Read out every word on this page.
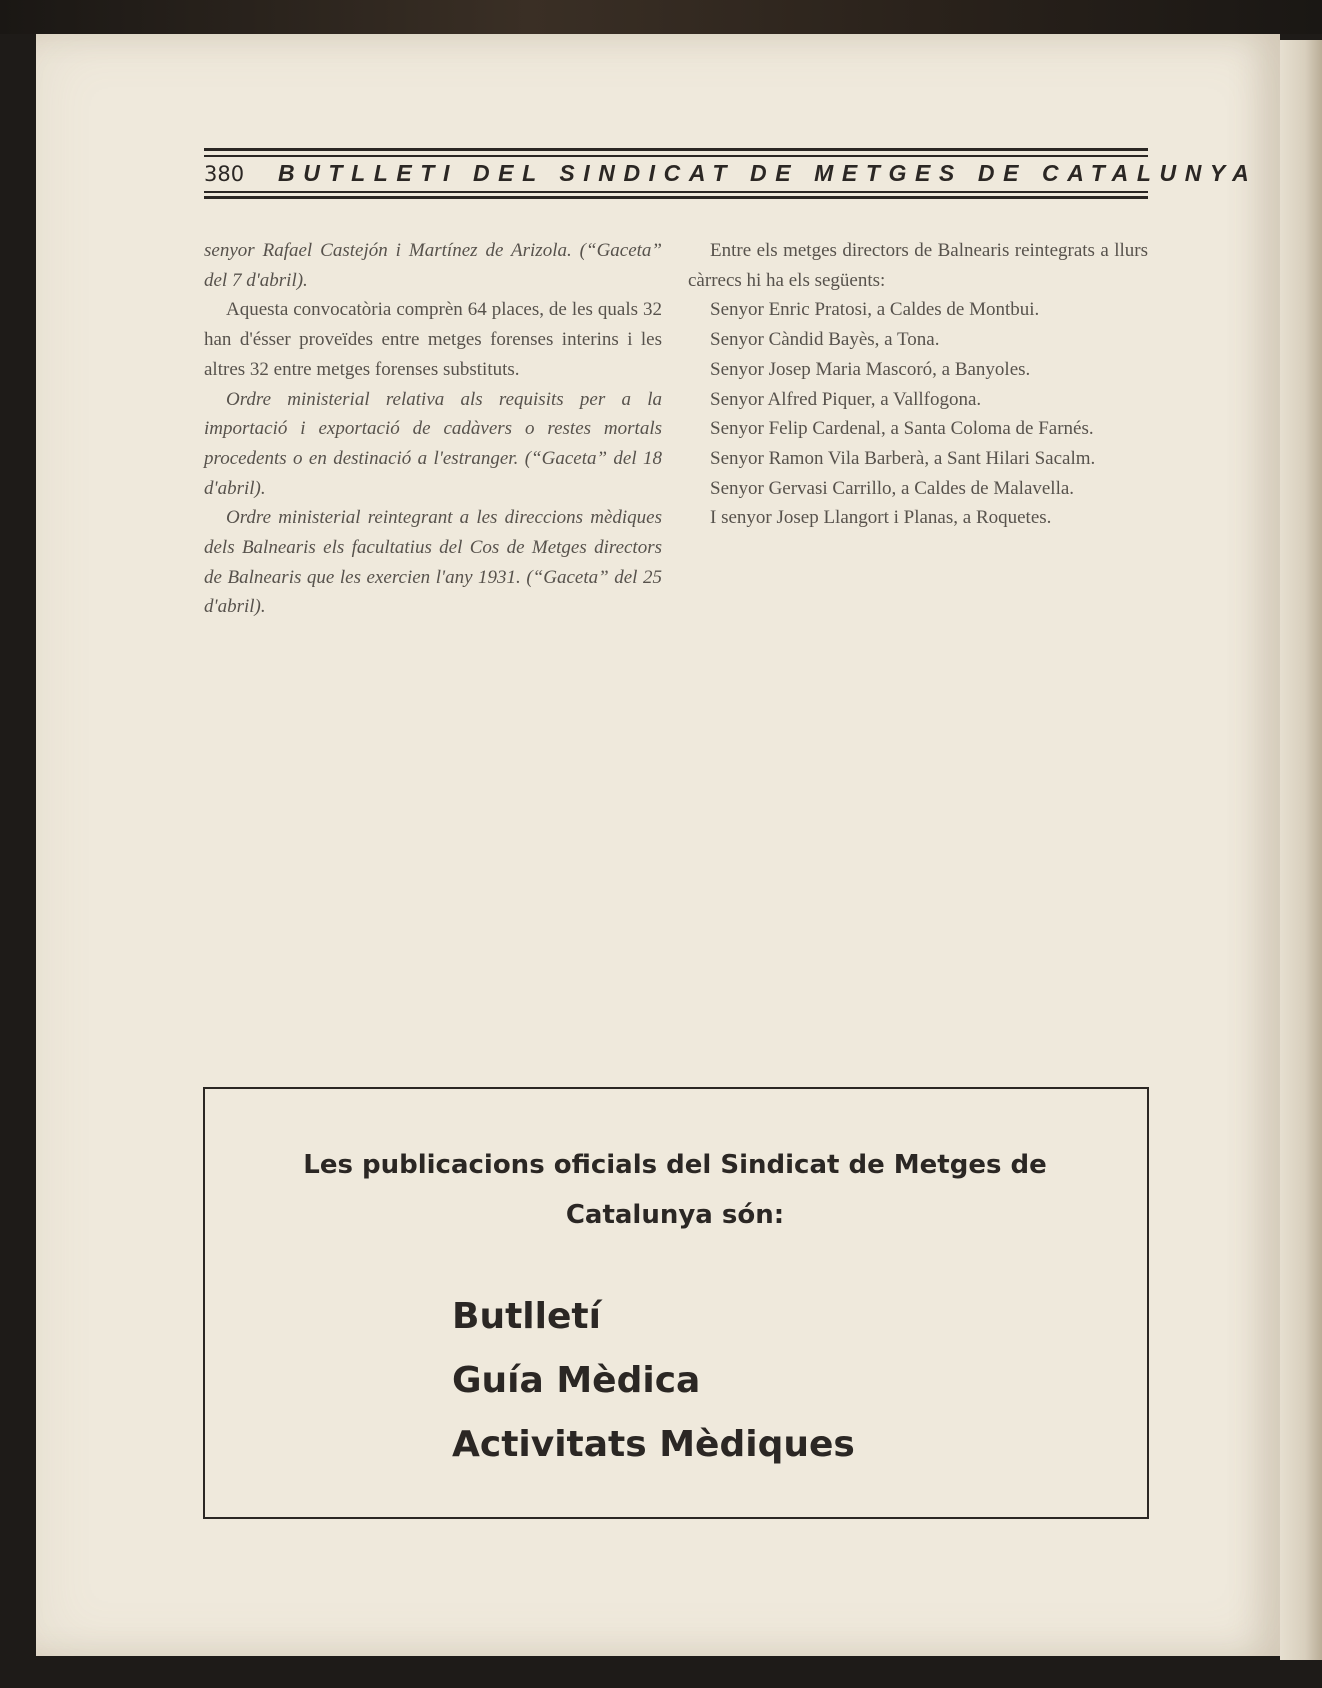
380 BUTLLETI DEL SINDICAT DE METGES DE CATALUNYA

senyor Rafael Castejón i Martínez de Arizola. (“Gaceta” del 7 d'abril).

Aquesta convocatòria comprèn 64 places, de les quals 32 han d'ésser proveïdes entre metges forenses interins i les altres 32 entre metges forenses substituts.

Ordre ministerial relativa als requisits per a la importació i exportació de cadàvers o restes mortals procedents o en destinació a l'estranger. (“Gaceta” del 18 d'abril).

Ordre ministerial reintegrant a les direccions mèdiques dels Balnearis els facultatius del Cos de Metges directors de Balnearis que les exercien l'any 1931. (“Gaceta” del 25 d'abril).

Entre els metges directors de Balnearis reintegrats a llurs càrrecs hi ha els següents:

Senyor Enric Pratosi, a Caldes de Montbui.

Senyor Càndid Bayès, a Tona.

Senyor Josep Maria Mascoró, a Banyoles.

Senyor Alfred Piquer, a Vallfogona.

Senyor Felip Cardenal, a Santa Coloma de Farnés.

Senyor Ramon Vila Barberà, a Sant Hilari Sacalm.

Senyor Gervasi Carrillo, a Caldes de Malavella.

I senyor Josep Llangort i Planas, a Roquetes.

Les publicacions oficials del Sindicat de Metges de Catalunya són:
Butlletí
Guía Mèdica
Activitats Mèdiques
